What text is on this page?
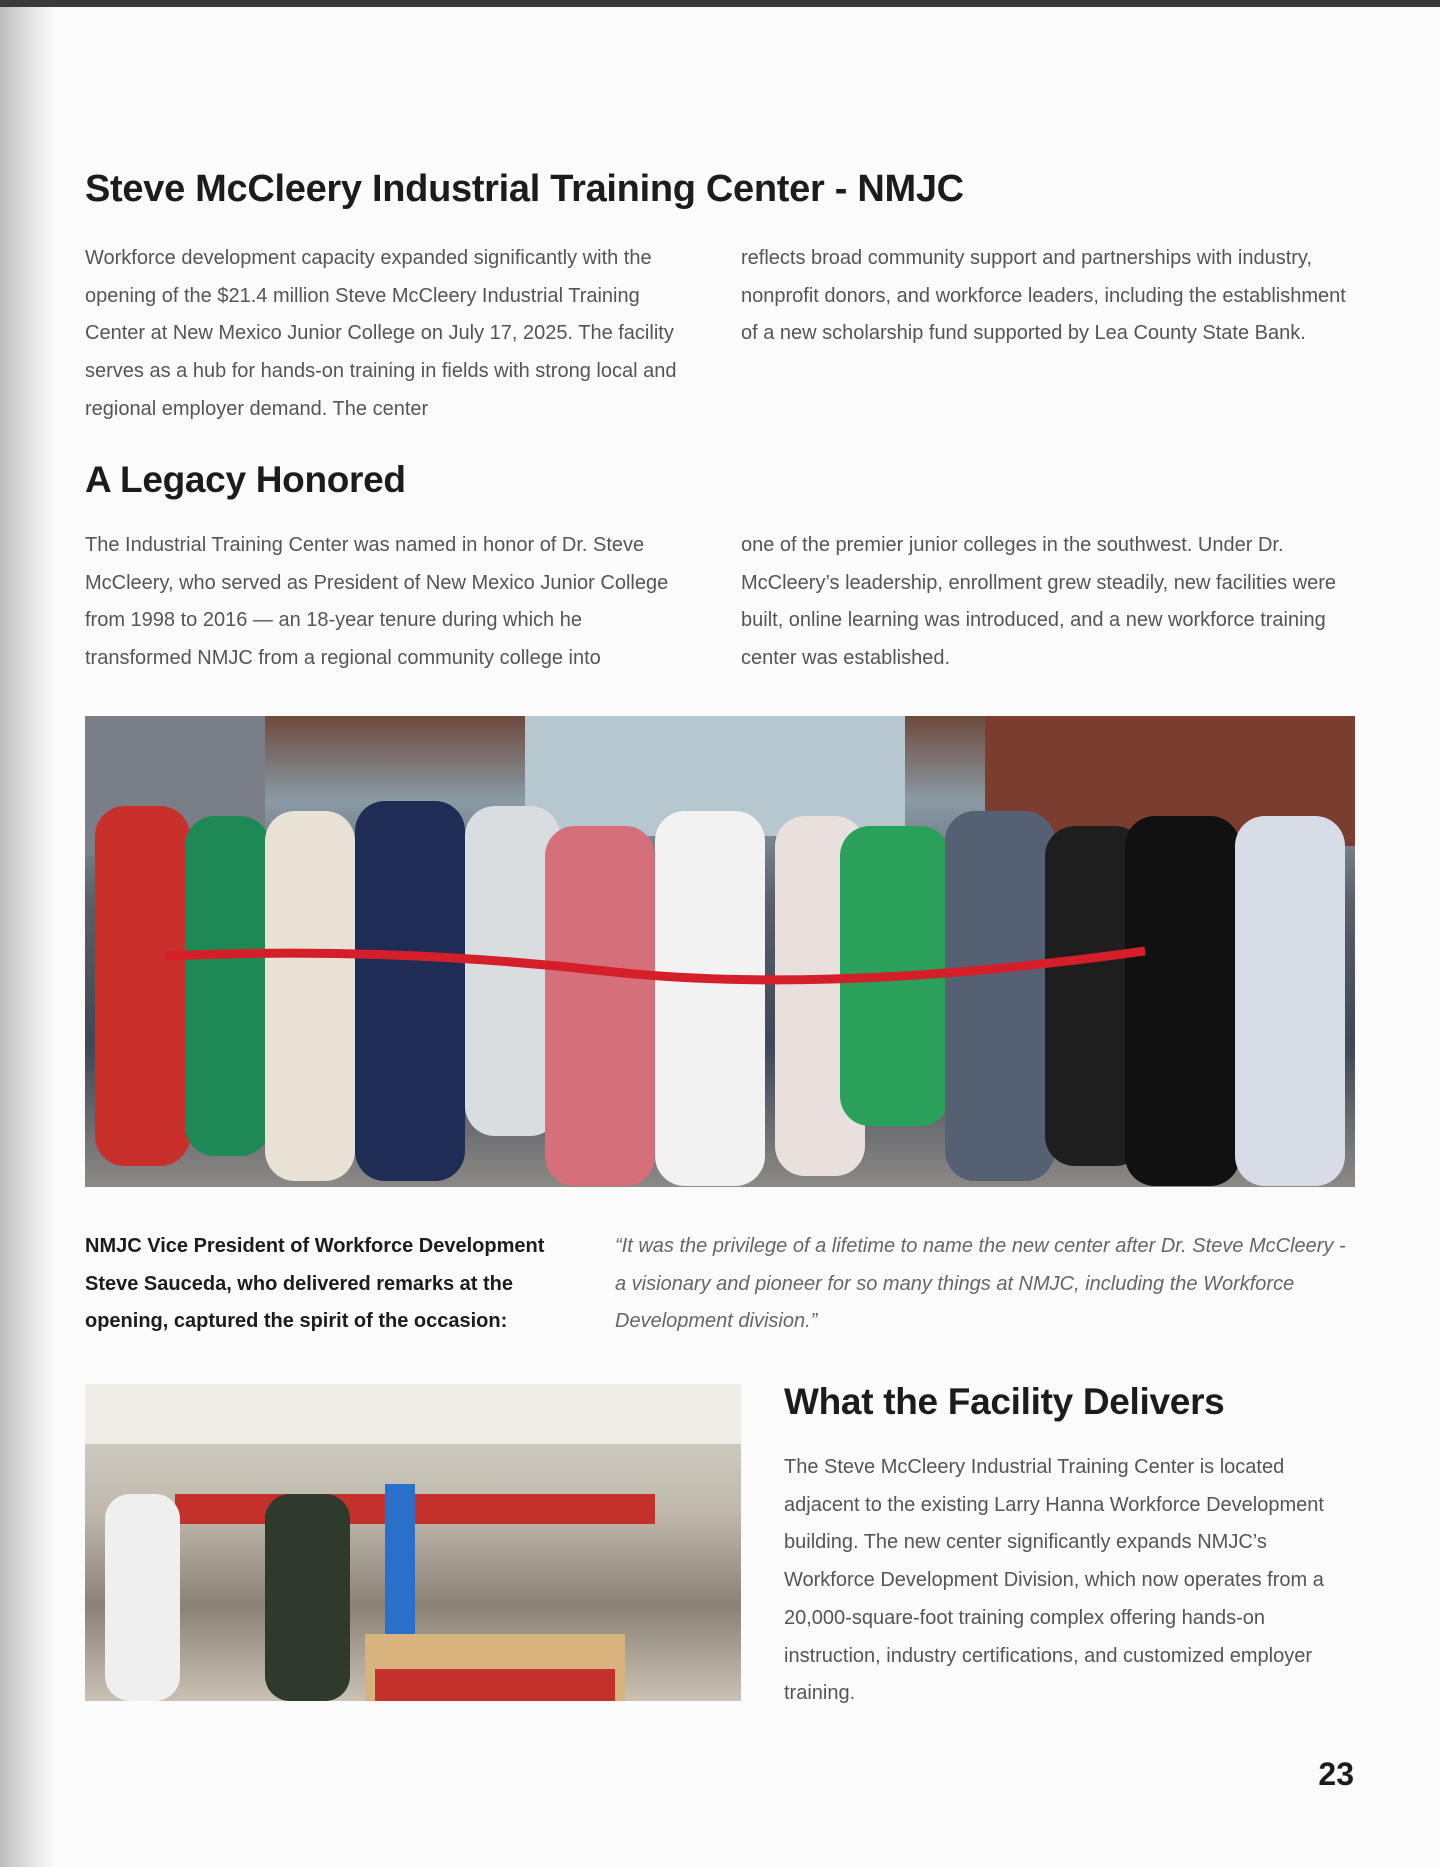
Steve McCleery Industrial Training Center - NMJC
Workforce development capacity expanded significantly with the opening of the $21.4 million Steve McCleery Industrial Training Center at New Mexico Junior College on July 17, 2025. The facility serves as a hub for hands-on training in fields with strong local and regional employer demand. The center
reflects broad community support and partnerships with industry, nonprofit donors, and workforce leaders, including the establishment of a new scholarship fund supported by Lea County State Bank.
A Legacy Honored
The Industrial Training Center was named in honor of Dr. Steve McCleery, who served as President of New Mexico Junior College from 1998 to 2016 — an 18-year tenure during which he transformed NMJC from a regional community college into
one of the premier junior colleges in the southwest. Under Dr. McCleery’s leadership, enrollment grew steadily, new facilities were built, online learning was introduced, and a new workforce training center was established.
NMJC Vice President of Workforce Development Steve Sauceda, who delivered remarks at the opening, captured the spirit of the occasion:
“It was the privilege of a lifetime to name the new center after Dr. Steve McCleery - a visionary and pioneer for so many things at NMJC, including the Workforce Development division.”
What the Facility Delivers
The Steve McCleery Industrial Training Center is located adjacent to the existing Larry Hanna Workforce Development building. The new center significantly expands NMJC’s Workforce Development Division, which now operates from a 20,000-square-foot training complex offering hands-on instruction, industry certifications, and customized employer training.
23
